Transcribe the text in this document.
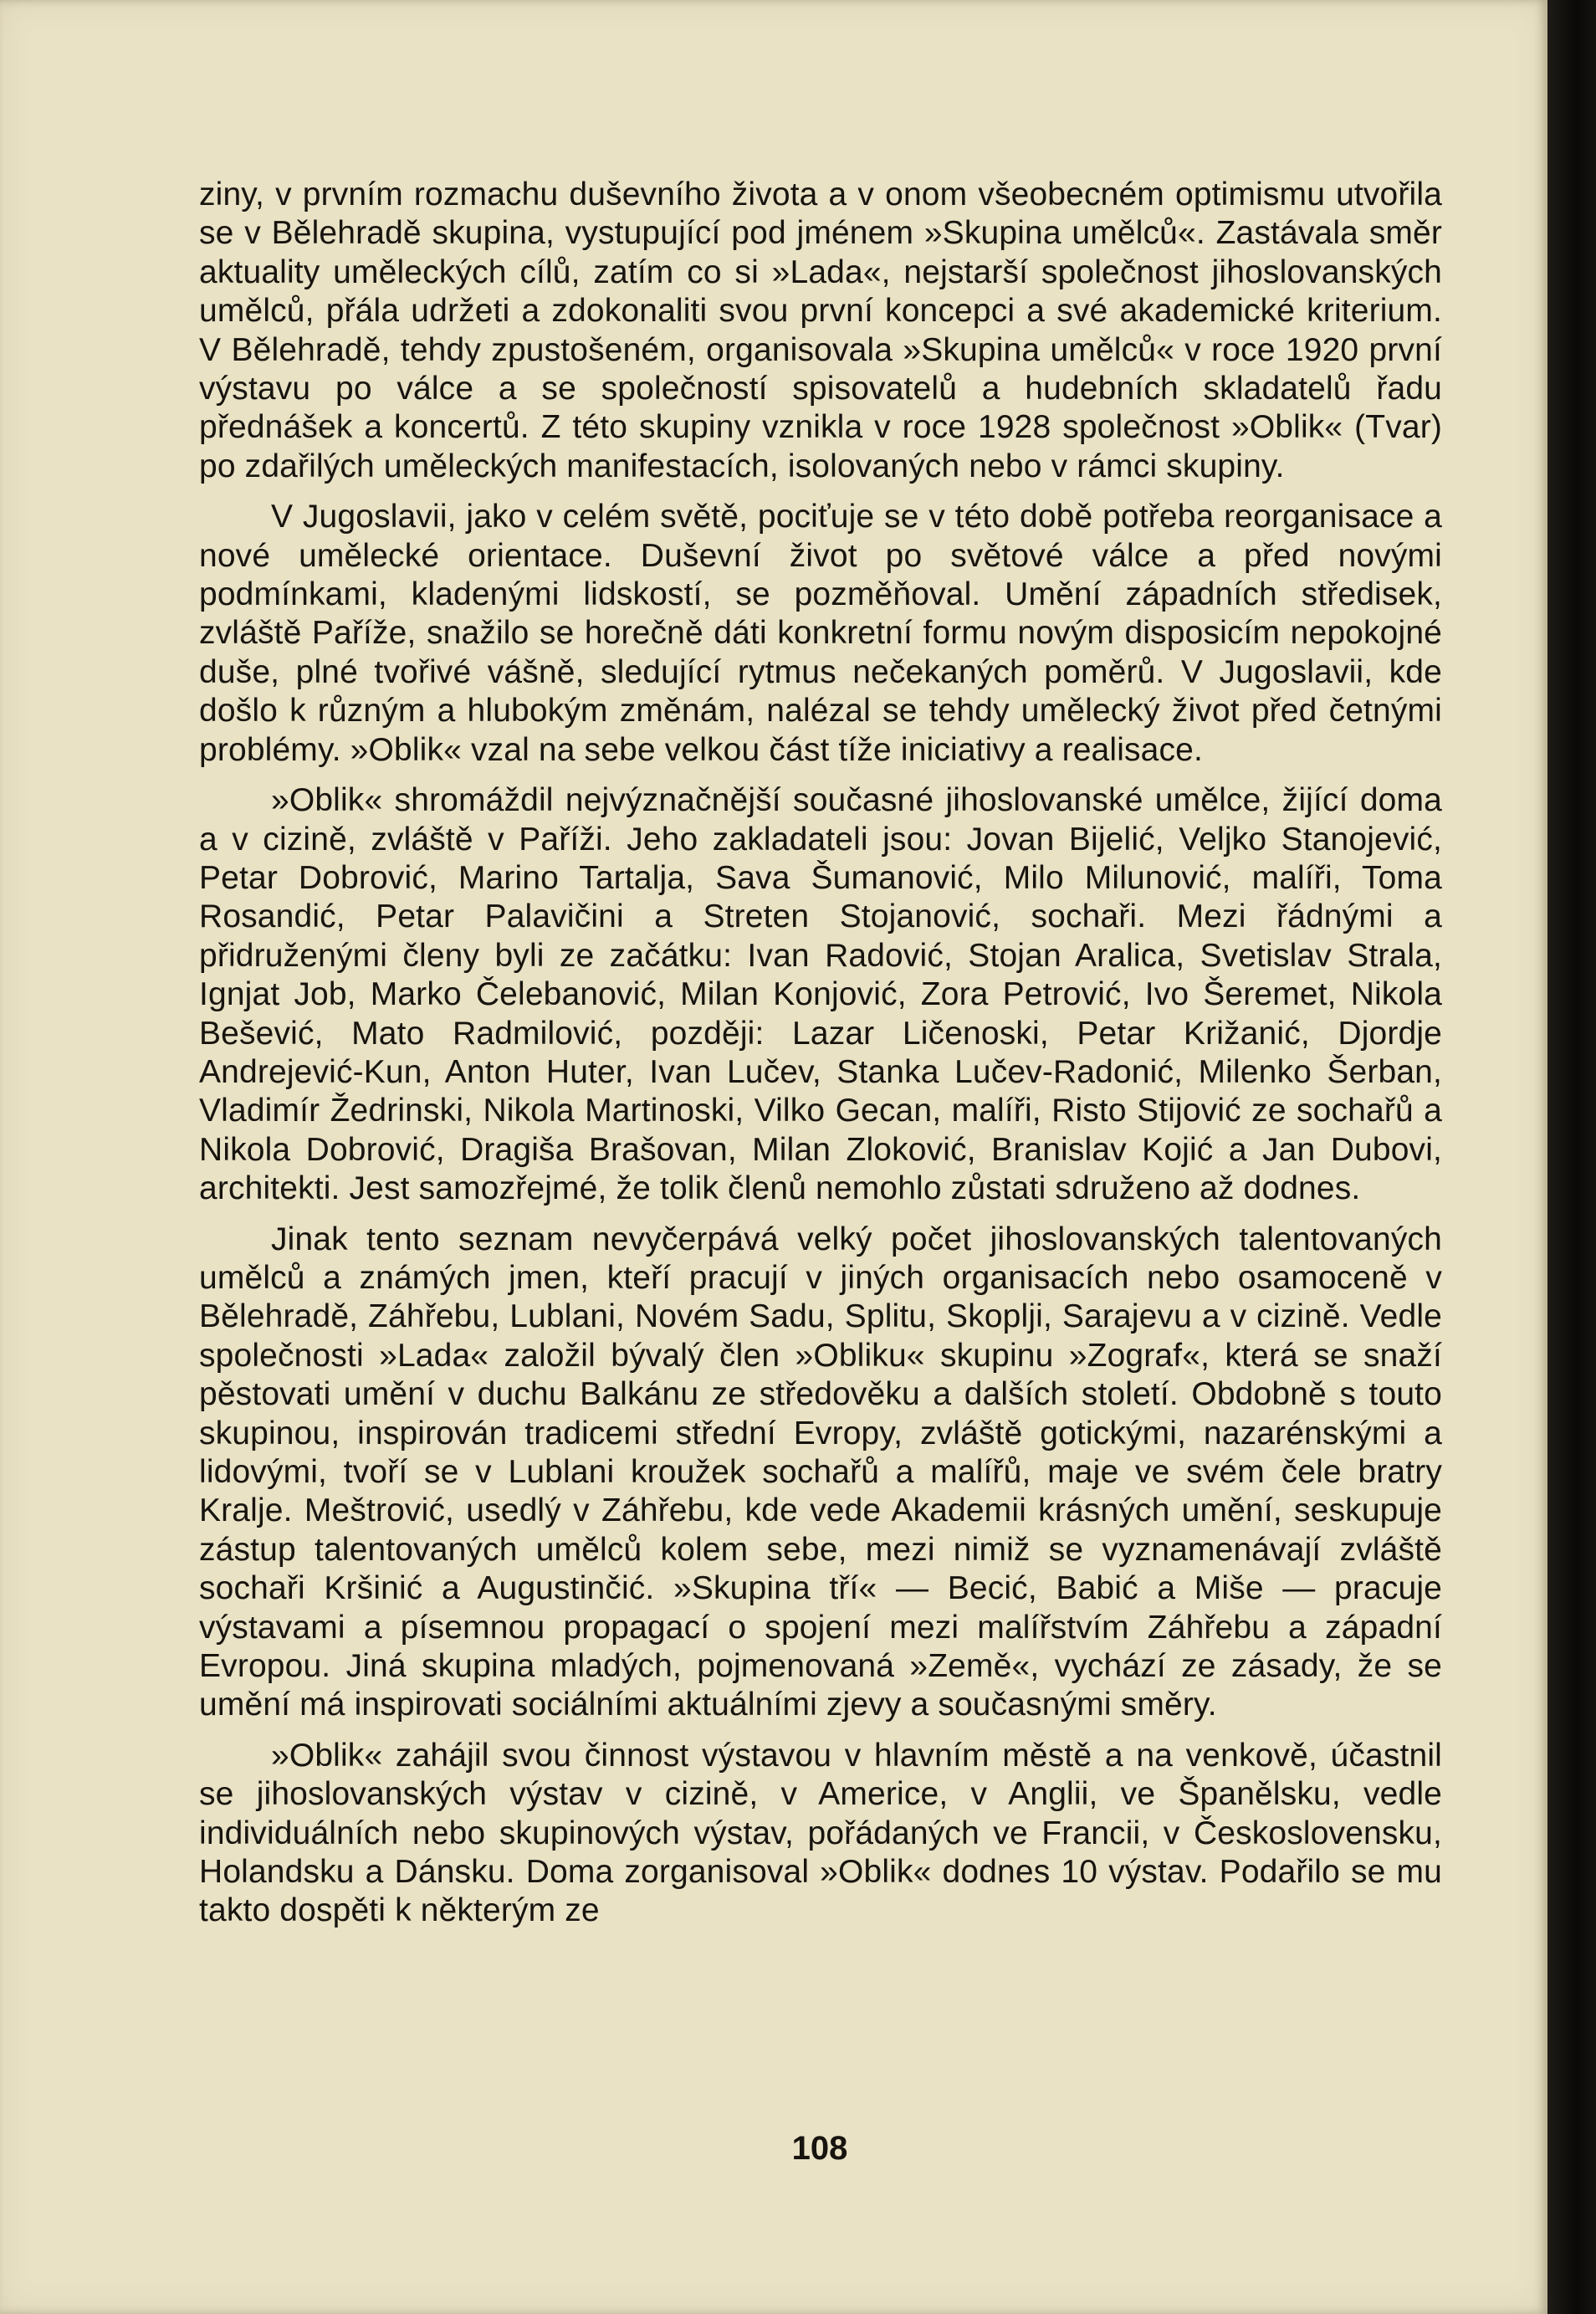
ziny, v prvním rozmachu duševního života a v onom všeobecném optimismu utvořila se v Bělehradě skupina, vystupující pod jménem »Skupina umělců«. Zastávala směr aktuality uměleckých cílů, zatím co si »Lada«, nejstarší společnost jihoslovanských umělců, přála udržeti a zdokonaliti svou první koncepci a své akademické kriterium. V Bělehradě, tehdy zpustošeném, organisovala »Skupina umělců« v roce 1920 první výstavu po válce a se společností spisovatelů a hudebních skladatelů řadu přednášek a koncertů. Z této skupiny vznikla v roce 1928 společnost »Oblik« (Tvar) po zdařilých uměleckých manifestacích, isolovaných nebo v rámci skupiny.

V Jugoslavii, jako v celém světě, pociťuje se v této době potřeba reorganisace a nové umělecké orientace. Duševní život po světové válce a před novými podmínkami, kladenými lidskostí, se pozměňoval. Umění západních středisek, zvláště Paříže, snažilo se horečně dáti konkretní formu novým disposicím nepokojné duše, plné tvořivé vášně, sledující rytmus nečekaných poměrů. V Jugoslavii, kde došlo k různým a hlubokým změnám, nalézal se tehdy umělecký život před četnými problémy. »Oblik« vzal na sebe velkou část tíže iniciativy a realisace.

»Oblik« shromáždil nejvýznačnější současné jihoslovanské umělce, žijící doma a v cizině, zvláště v Paříži. Jeho zakladateli jsou: Jovan Bijelić, Veljko Stanojević, Petar Dobrović, Marino Tartalja, Sava Šumanović, Milo Milunović, malíři, Toma Rosandić, Petar Palavičini a Streten Stojanović, sochaři. Mezi řádnými a přidruženými členy byli ze začátku: Ivan Radović, Stojan Aralica, Svetislav Strala, Ignjat Job, Marko Čelebanović, Milan Konjović, Zora Petrović, Ivo Šeremet, Nikola Bešević, Mato Radmilović, později: Lazar Ličenoski, Petar Križanić, Djordje Andrejević-Kun, Anton Huter, Ivan Lučev, Stanka Lučev-Radonić, Milenko Šerban, Vladimír Žedrinski, Nikola Martinoski, Vilko Gecan, malíři, Risto Stijović ze sochařů a Nikola Dobrović, Dragiša Brašovan, Milan Zloković, Branislav Kojić a Jan Dubovi, architekti. Jest samozřejmé, že tolik členů nemohlo zůstati sdruženo až dodnes.

Jinak tento seznam nevyčerpává velký počet jihoslovanských talentovaných umělců a známých jmen, kteří pracují v jiných organisacích nebo osamoceně v Bělehradě, Záhřebu, Lublani, Novém Sadu, Splitu, Skoplji, Sarajevu a v cizině. Vedle společnosti »Lada« založil bývalý člen »Obliku« skupinu »Zograf«, která se snaží pěstovati umění v duchu Balkánu ze středověku a dalších století. Obdobně s touto skupinou, inspirován tradicemi střední Evropy, zvláště gotickými, nazarénskými a lidovými, tvoří se v Lublani kroužek sochařů a malířů, maje ve svém čele bratry Kralje. Meštrović, usedlý v Záhřebu, kde vede Akademii krásných umění, seskupuje zástup talentovaných umělců kolem sebe, mezi nimiž se vyznamenávají zvláště sochaři Kršinić a Augustinčić. »Skupina tří« — Becić, Babić a Miše — pracuje výstavami a písemnou propagací o spojení mezi malířstvím Záhřebu a západní Evropou. Jiná skupina mladých, pojmenovaná »Země«, vychází ze zásady, že se umění má inspirovati sociálními aktuálními zjevy a současnými směry.

»Oblik« zahájil svou činnost výstavou v hlavním městě a na venkově, účastnil se jihoslovanských výstav v cizině, v Americe, v Anglii, ve Španělsku, vedle individuálních nebo skupinových výstav, pořádaných ve Francii, v Československu, Holandsku a Dánsku. Doma zorganisoval »Oblik« dodnes 10 výstav. Podařilo se mu takto dospěti k některým ze

108
